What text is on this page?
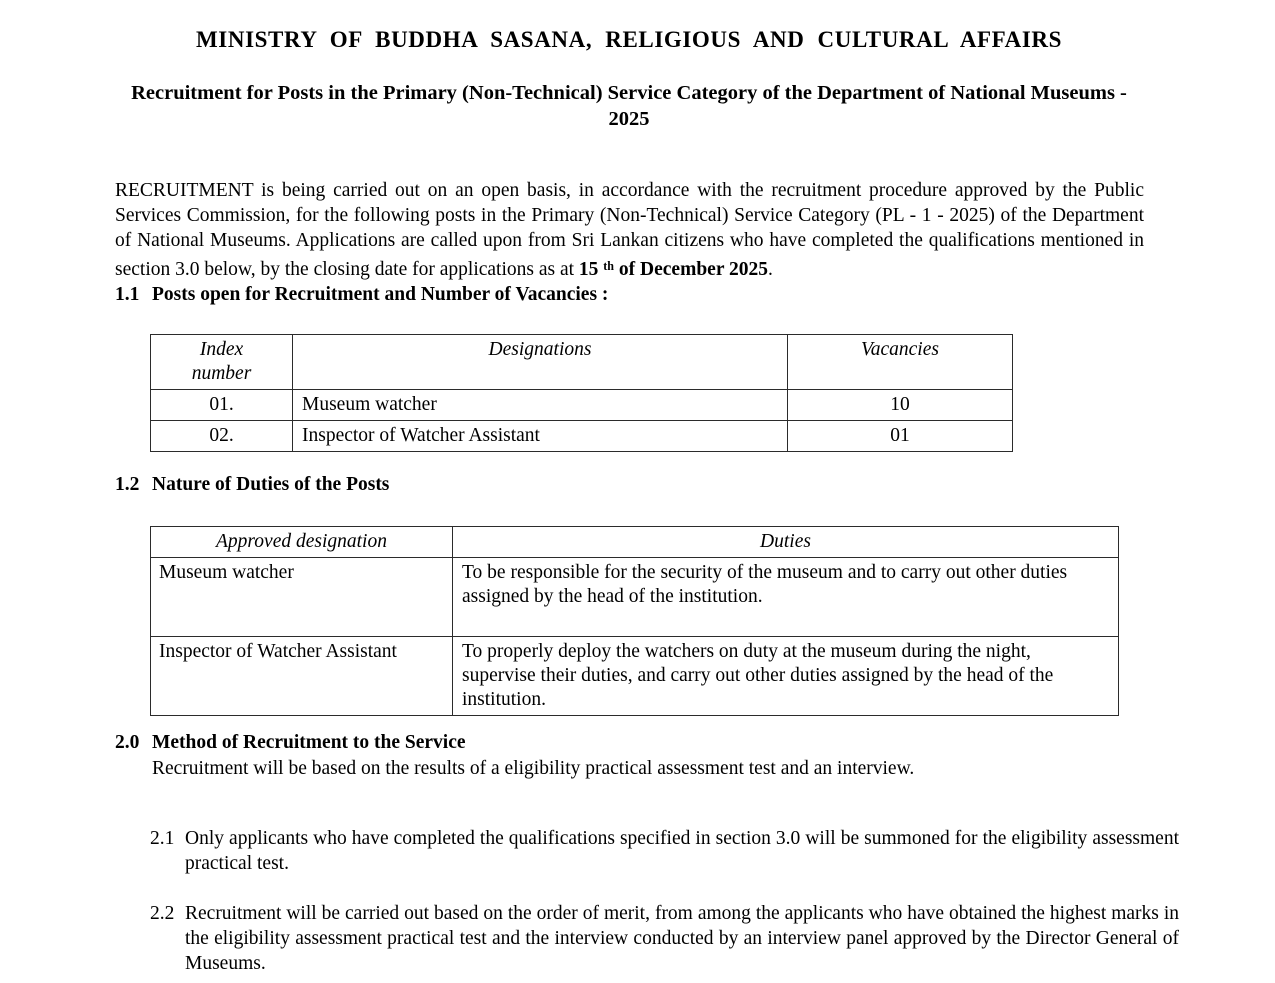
MINISTRY OF BUDDHA SASANA, RELIGIOUS AND CULTURAL AFFAIRS
Recruitment for Posts in the Primary (Non-Technical) Service Category of the Department of National Museums - 2025

RECRUITMENT is being carried out on an open basis, in accordance with the recruitment procedure approved by the Public Services Commission, for the following posts in the Primary (Non-Technical) Service Category (PL - 1 - 2025) of the Department of National Museums. Applications are called upon from Sri Lankan citizens who have completed the qualifications mentioned in section 3.0 below, by the closing date for applications as at 15 $^{th}$ of December 2025.

1.1 Posts open for Recruitment and Number of Vacancies :
Index
number	Designations	Vacancies
01.	Museum watcher	10
02.	Inspector of Watcher Assistant	01
1.2 Nature of Duties of the Posts
Approved designation	Duties
Museum watcher	To be responsible for the security of the museum and to carry out other duties assigned by the head of the institution.
Inspector of Watcher Assistant	To properly deploy the watchers on duty at the museum during the night, supervise their duties, and carry out other duties assigned by the head of the institution.
2.0 Method of Recruitment to the Service
Recruitment will be based on the results of a eligibility practical assessment test and an interview.

2.1 Only applicants who have completed the qualifications specified in section 3.0 will be summoned for the eligibility assessment practical test.

2.2 Recruitment will be carried out based on the order of merit, from among the applicants who have obtained the highest marks in the eligibility assessment practical test and the interview conducted by an interview panel approved by the Director General of Museums.
